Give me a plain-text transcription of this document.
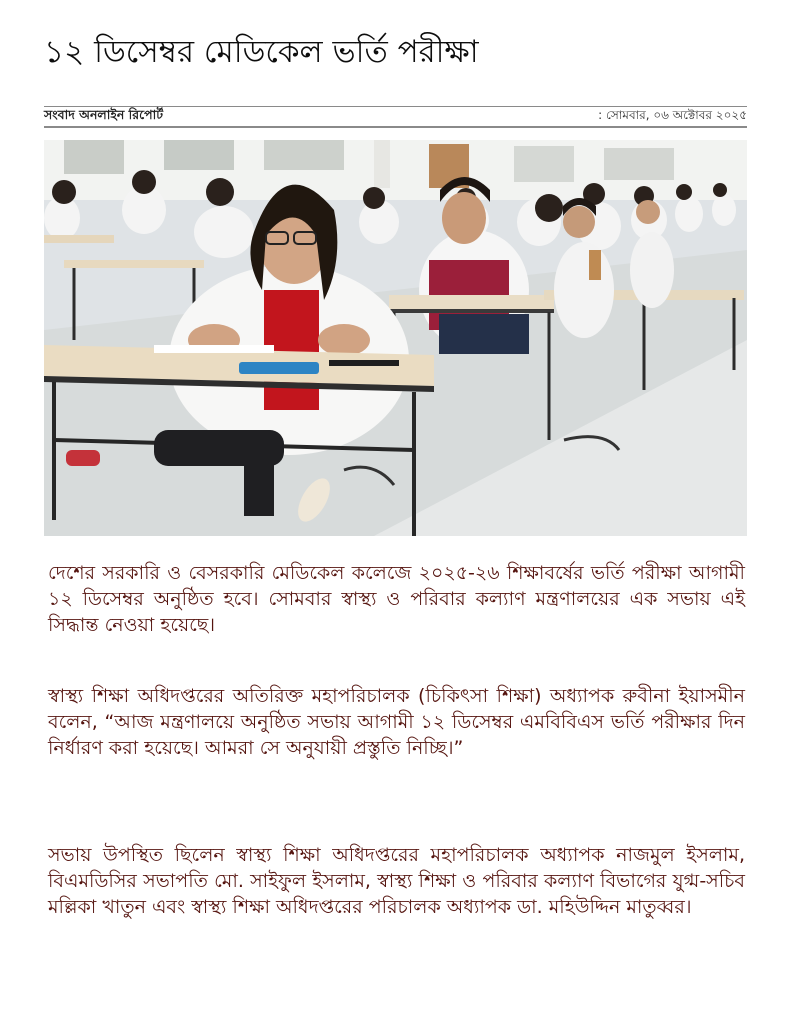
১২ ডিসেম্বর মেডিকেল ভর্তি পরীক্ষা
সংবাদ অনলাইন রিপোর্ট	: সোমবার, ০৬ অক্টোবর ২০২৫

দেশের সরকারি ও বেসরকারি মেডিকেল কলেজে ২০২৫-২৬ শিক্ষাবর্ষের ভর্তি পরীক্ষা আগামী ১২ ডিসেম্বর অনুষ্ঠিত হবে। সোমবার স্বাস্থ্য ও পরিবার কল্যাণ মন্ত্রণালয়ের এক সভায় এই সিদ্ধান্ত নেওয়া হয়েছে।

স্বাস্থ্য শিক্ষা অধিদপ্তরের অতিরিক্ত মহাপরিচালক (চিকিৎসা শিক্ষা) অধ্যাপক রুবীনা ইয়াসমীন বলেন, “আজ মন্ত্রণালয়ে অনুষ্ঠিত সভায় আগামী ১২ ডিসেম্বর এমবিবিএস ভর্তি পরীক্ষার দিন নির্ধারণ করা হয়েছে। আমরা সে অনুযায়ী প্রস্তুতি নিচ্ছি।”

সভায় উপস্থিত ছিলেন স্বাস্থ্য শিক্ষা অধিদপ্তরের মহাপরিচালক অধ্যাপক নাজমুল ইসলাম, বিএমডিসির সভাপতি মো. সাইফুল ইসলাম, স্বাস্থ্য শিক্ষা ও পরিবার কল্যাণ বিভাগের যুগ্ম-সচিব মল্লিকা খাতুন এবং স্বাস্থ্য শিক্ষা অধিদপ্তরের পরিচালক অধ্যাপক ডা. মহিউদ্দিন মাতুব্বর।
